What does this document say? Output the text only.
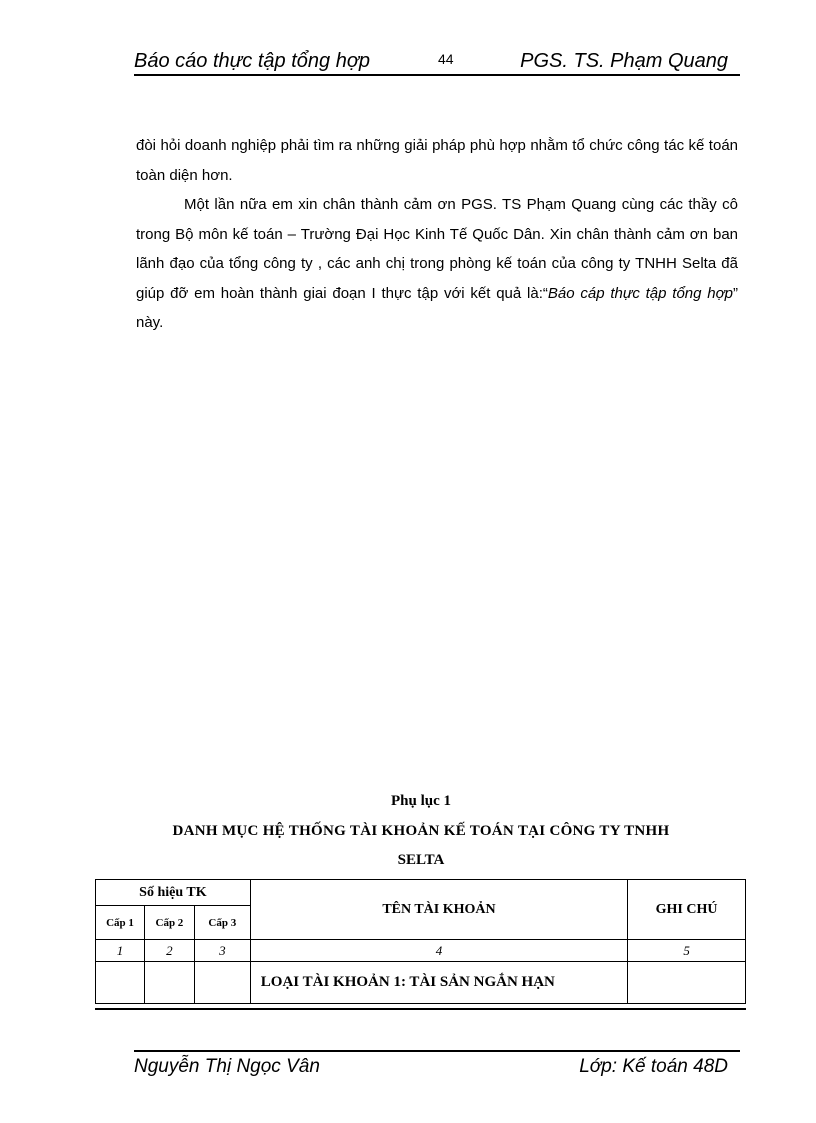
Báo cáo thực tập tổng hợp	44	PGS. TS. Phạm Quang

đòi hỏi doanh nghiệp phải tìm ra những giải pháp phù hợp nhằm tổ chức công tác kế toán toàn diện hơn.

Một lần nữa em xin chân thành cảm ơn PGS. TS Phạm Quang cùng các thầy cô trong Bộ môn kế toán – Trường Đại Học Kinh Tế Quốc Dân. Xin chân thành cảm ơn ban lãnh đạo của tổng công ty , các anh chị trong phòng kế toán của công ty TNHH Selta đã giúp đỡ em hoàn thành giai đoạn I thực tập với kết quả là:“Báo cáp thực tập tổng hợp” này.

Phụ lục 1
DANH MỤC HỆ THỐNG TÀI KHOẢN KẾ TOÁN TẠI CÔNG TY TNHH
SELTA
Số hiệu TK			TÊN TÀI KHOẢN	GHI CHÚ
Cấp 1	Cấp 2	Cấp 3		
1	2	3	4	5
			LOẠI TÀI KHOẢN 1: TÀI SẢN NGẮN HẠN	
Nguyễn Thị Ngọc Vân	Lớp: Kế toán 48D
